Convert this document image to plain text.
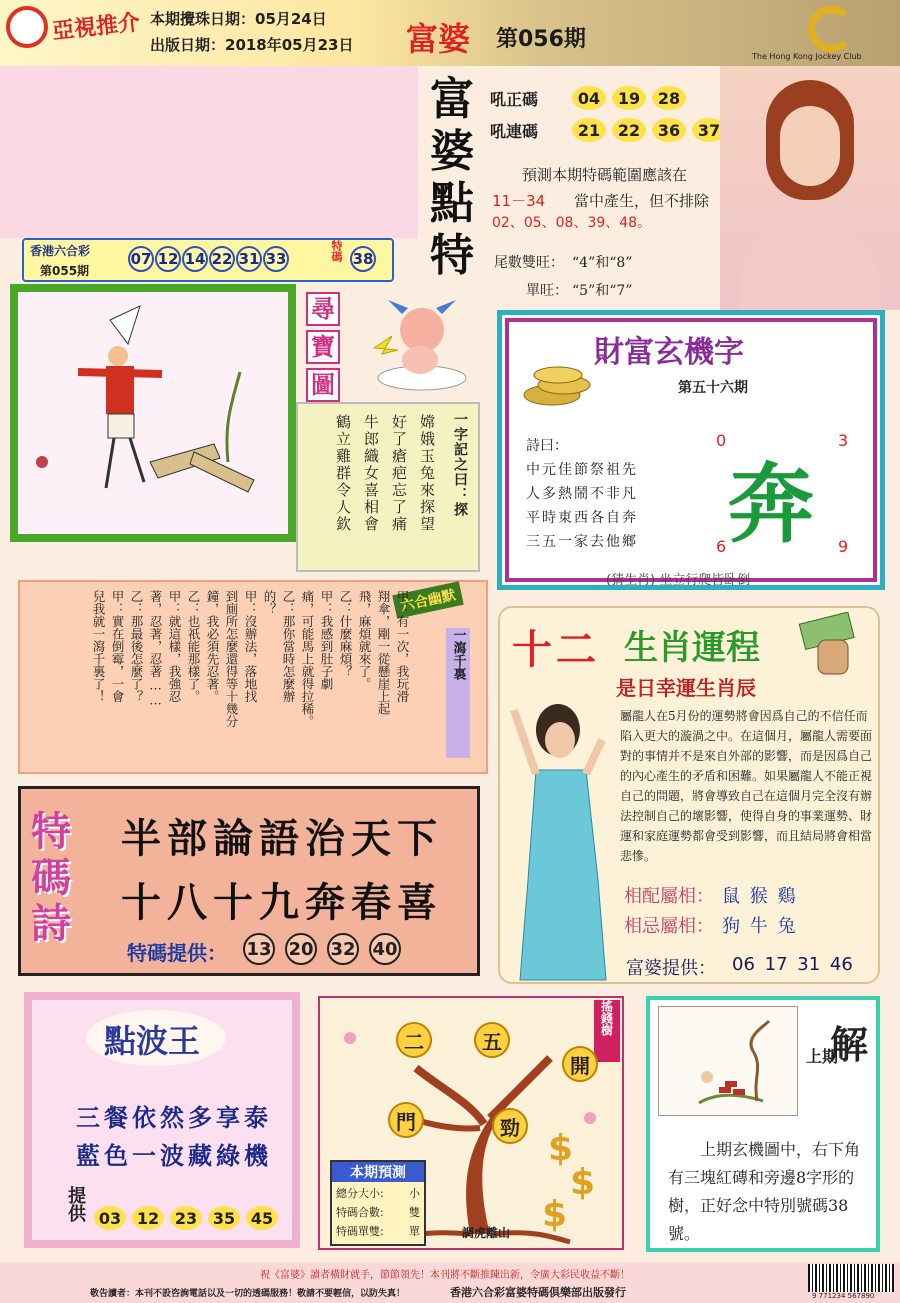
亞視推介 本期攪珠日期：05月24日
出版日期：2018年05月23日 富婆 第056期
The Hong Kong Jockey Club
富
婆
點
特
吼正碼	04	19	28
吼連碼	21	22	36	37
預測本期特碼範圍應該在
11－34 當中產生，但不排除
02、05、08、39、48。
尾數雙旺： “4”和“8”
單旺： “5”和“7”
香港六合彩
第055期
07 12 14 22 31 33	特碼 38
尋
寶
圖
一字記之曰：探
嫦娥玉兔來探望
好了瘡疤忘了痛
牛郎織女喜相會
鶴立雞群令人欽
財富玄機字
第五十六期
詩曰：
中元佳節祭祖先
人多熱鬧不非凡
平時東西各自奔
三五一家去他鄉 奔
0	3
6	9
(猜生肖) 坐立行爬皆卧倒
六合幽默
一瀉千裏
甲：有一次，我玩滑
翔傘，剛一從懸崖上起
飛，麻煩就來了。
乙：什麼麻煩？
甲：我感到肚子劇
痛，可能馬上就得拉稀。
乙：那你當時怎麼辦
的？
甲：沒辦法，落地找
到廁所怎麼還得等十幾分
鐘，我必須先忍著。
乙：也祇能那樣了。
甲：就這樣，我強忍
著，忍著，忍著……
乙：那最後怎麼了？
甲：實在倒霉，一會
兒我就一瀉千裏了！
特
碼
詩
半部論語治天下
十八十九奔春喜
特碼提供： 13 20 32 40
十二 生肖運程
是日幸運生肖辰
屬龍人在5月份的運勢將會因爲自己的不信任而陷入更大的漩渦之中。在這個月，屬龍人需要面對的事情并不是來自外部的影響，而是因爲自己的內心產生的矛盾和困難。如果屬龍人不能正視自己的問題，將會導致自己在這個月完全沒有辦法控制自己的壞影響，使得自身的事業運勢、財運和家庭運勢都會受到影響，而且結局將會相當悲慘。
相配屬相： 鼠 猴 鷄
相忌屬相： 狗 牛 兔
富婆提供： 06 17 31 46
點波王
三餐依然多享泰
藍色一波藏綠機
提供 03 12 23 35 45
搖錢樹
二	五
開
門	勁
$
$
$
調虎離山
本期預測
總分大小: 小
特碼合數: 雙
特碼單雙: 單
上期
解
上期玄機圖中，右下角有三塊紅磚和旁邊8字形的樹，正好念中特別號碼38號。
祝《富婆》讀者橫財就手，節節領先！本刊將不斷推陳出新，令廣大彩民收益不斷！
敬告讀者：本刊不設咨詢電話以及一切的透碼服務！敬請不要輕信，以防失真！	香港六合彩富婆特碼俱樂部出版發行	9 771234 567890
